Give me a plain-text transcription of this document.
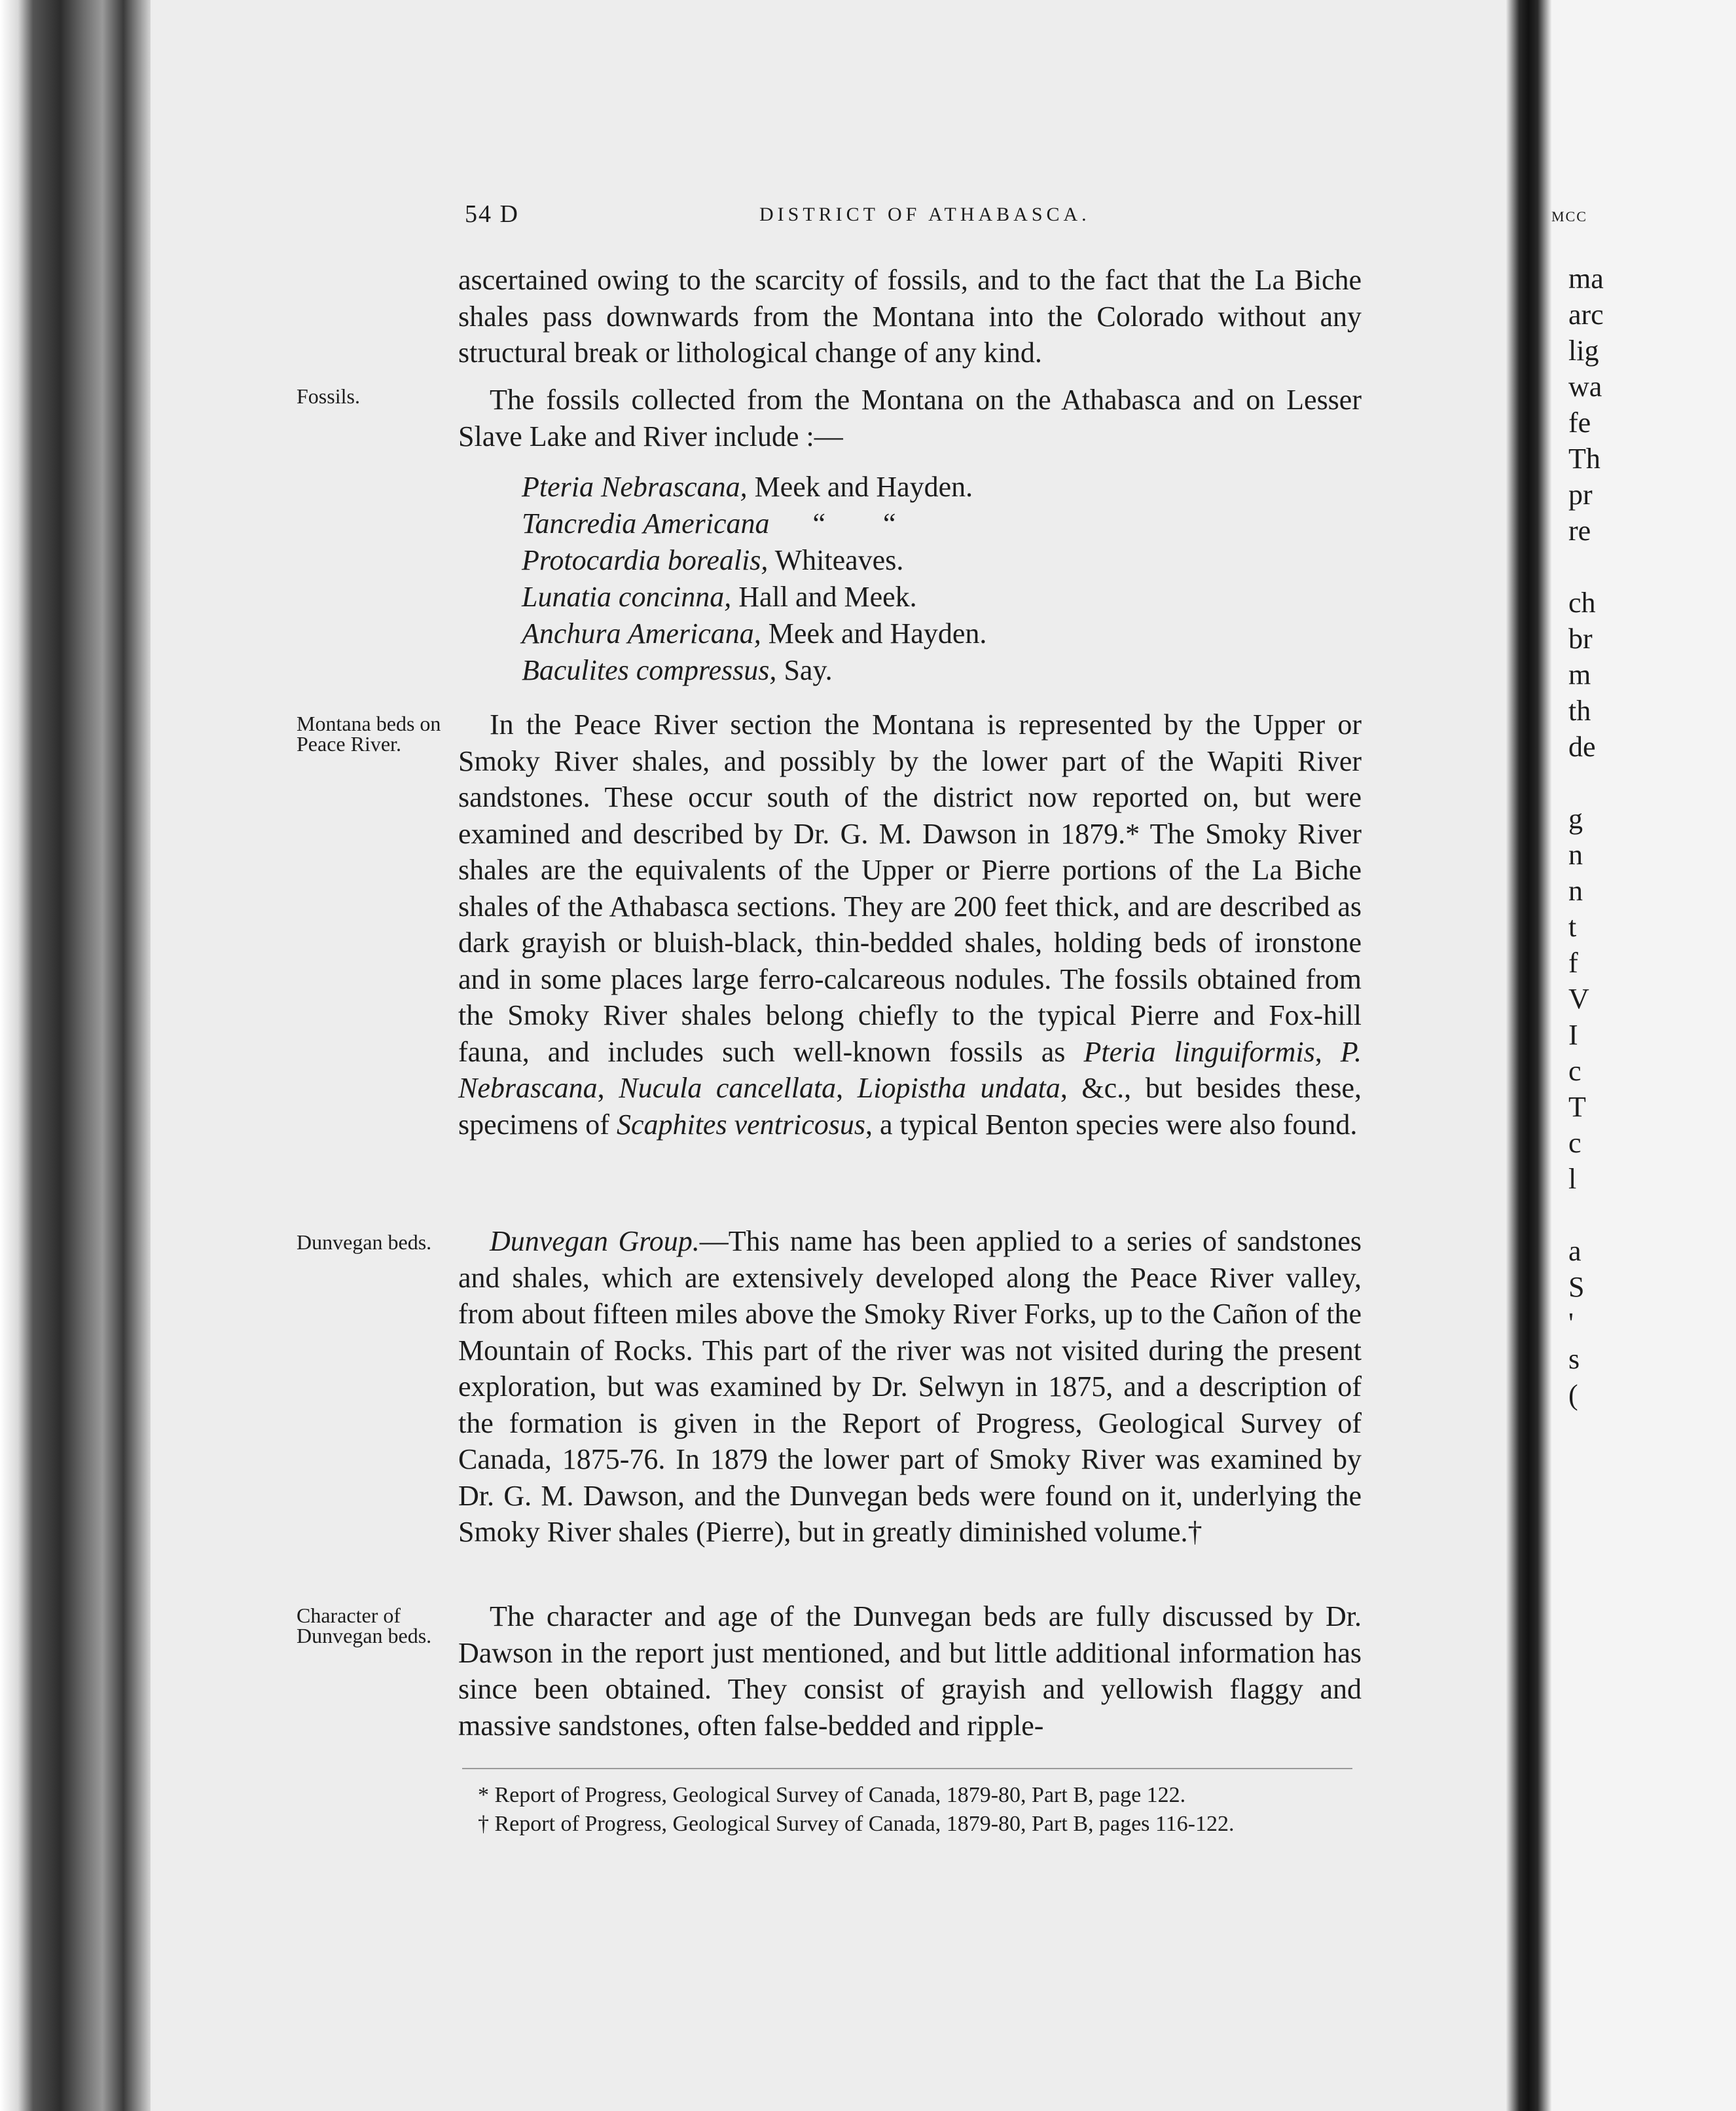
54 D	DISTRICT OF ATHABASCA.
Fossils.
Montana beds on Peace River.
Dunvegan beds.
Character of Dunvegan beds.

ascertained owing to the scarcity of fossils, and to the fact that the La Biche shales pass downwards from the Montana into the Colorado without any structural break or lithological change of any kind.

The fossils collected from the Montana on the Athabasca and on Lesser Slave Lake and River include :—

Pteria Nebrascana, Meek and Hayden.
Tancredia Americana      “        “
Protocardia borealis, Whiteaves.
Lunatia concinna, Hall and Meek.
Anchura Americana, Meek and Hayden.
Baculites compressus, Say.

In the Peace River section the Montana is represented by the Upper or Smoky River shales, and possibly by the lower part of the Wapiti River sandstones. These occur south of the district now reported on, but were examined and described by Dr. G. M. Dawson in 1879.* The Smoky River shales are the equivalents of the Upper or Pierre portions of the La Biche shales of the Athabasca sections. They are 200 feet thick, and are described as dark grayish or bluish-black, thin-bedded shales, holding beds of ironstone and in some places large ferro-calcareous nodules. The fossils obtained from the Smoky River shales belong chiefly to the typical Pierre and Fox-hill fauna, and includes such well-known fossils as Pteria linguiformis, P. Nebrascana, Nucula cancellata, Liopistha undata, &c., but besides these, specimens of Scaphites ventricosus, a typical Benton species were also found.

Dunvegan Group.—This name has been applied to a series of sandstones and shales, which are extensively developed along the Peace River valley, from about fifteen miles above the Smoky River Forks, up to the Cañon of the Mountain of Rocks. This part of the river was not visited during the present exploration, but was examined by Dr. Selwyn in 1875, and a description of the formation is given in the Report of Progress, Geological Survey of Canada, 1875-76. In 1879 the lower part of Smoky River was examined by Dr. G. M. Dawson, and the Dunvegan beds were found on it, underlying the Smoky River shales (Pierre), but in greatly diminished volume.†

The character and age of the Dunvegan beds are fully discussed by Dr. Dawson in the report just mentioned, and but little additional information has since been obtained. They consist of grayish and yellowish flaggy and massive sandstones, often false-bedded and ripple-

* Report of Progress, Geological Survey of Canada, 1879-80, Part B, page 122.
† Report of Progress, Geological Survey of Canada, 1879-80, Part B, pages 116-122.
MCC
ma
arc
lig
wa
fe
Th
pr
re
ch
br
m
th
de
g
n
n
t
f
V
I
c
T
c
l
a
S
'
s
(
